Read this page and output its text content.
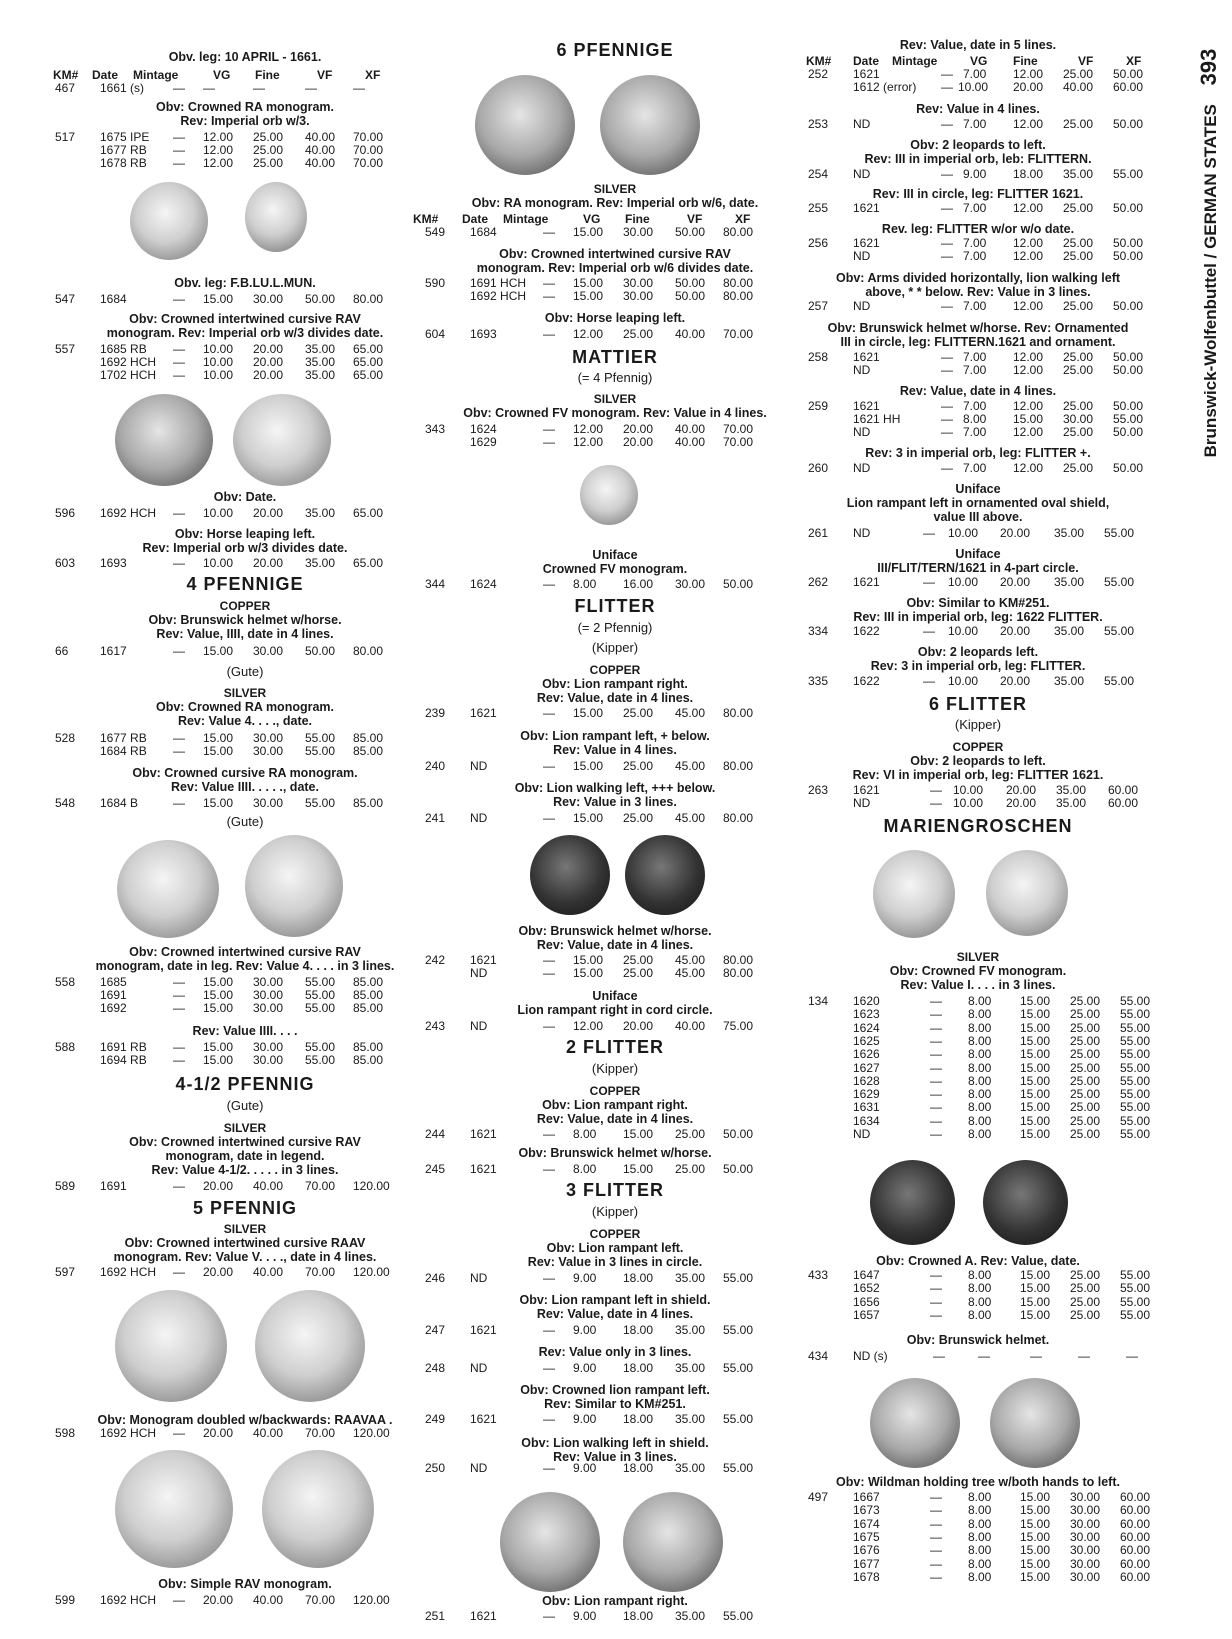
Brunswick-Wolfenbuttel / GERMAN STATES 393
Obv. leg: 10 APRIL - 1661.
KM# Date Mintage	VG Fine	VF	XF
467 1661 (s) — —	—	—	—
Obv: Crowned RA monogram.
Rev: Imperial orb w/3.
517 1675 IPE — 12.00 25.00 40.00 70.00
1677 RB — 12.00 25.00 40.00 70.00
1678 RB — 12.00 25.00 40.00 70.00
Obv. leg: F.B.LU.L.MUN.
547 1684	— 15.00 30.00 50.00 80.00
Obv: Crowned intertwined cursive RAV
monogram. Rev: Imperial orb w/3 divides date.
557 1685 RB — 10.00 20.00 35.00 65.00
1692 HCH — 10.00 20.00 35.00 65.00
1702 HCH — 10.00 20.00 35.00 65.00
Obv: Date.
596 1692 HCH — 10.00 20.00 35.00 65.00
Obv: Horse leaping left.
Rev: Imperial orb w/3 divides date.
603 1693	— 10.00 20.00 35.00 65.00
4 PFENNIGE
COPPER
Obv: Brunswick helmet w/horse.
Rev: Value, IIII, date in 4 lines.
66	1617	— 15.00 30.00 50.00 80.00
(Gute)
SILVER
Obv: Crowned RA monogram.
Rev: Value 4. . . ., date.
528 1677 RB — 15.00 30.00 55.00 85.00
1684 RB — 15.00 30.00 55.00 85.00
Obv: Crowned cursive RA monogram.
Rev: Value IIII. . . . ., date.
548 1684 B	— 15.00 30.00 55.00 85.00
(Gute)
Obv: Crowned intertwined cursive RAV
monogram, date in leg. Rev: Value 4. . . . in 3 lines.
558 1685	— 15.00 30.00 55.00 85.00
1691	— 15.00 30.00 55.00 85.00
1692	— 15.00 30.00 55.00 85.00
Rev: Value IIII. . . .
588 1691 RB — 15.00 30.00 55.00 85.00
1694 RB — 15.00 30.00 55.00 85.00
4-1/2 PFENNIG
(Gute)
SILVER
Obv: Crowned intertwined cursive RAV
monogram, date in legend.
Rev: Value 4-1/2. . . . . in 3 lines.
589 1691	— 20.00 40.00 70.00 120.00
5 PFENNIG
SILVER
Obv: Crowned intertwined cursive RAAV
monogram. Rev: Value V. . . ., date in 4 lines.
597 1692 HCH — 20.00 40.00 70.00 120.00
Obv: Monogram doubled w/backwards: RAAVAA .
598 1692 HCH — 20.00 40.00 70.00 120.00
Obv: Simple RAV monogram.
599 1692 HCH — 20.00 40.00 70.00 120.00
6 PFENNIGE
SILVER
Obv: RA monogram. Rev: Imperial orb w/6, date.
KM# Date Mintage	VG Fine	VF	XF
549 1684	— 15.00 30.00 50.00 80.00
Obv: Crowned intertwined cursive RAV
monogram. Rev: Imperial orb w/6 divides date.
590 1691 HCH — 15.00 30.00 50.00 80.00
1692 HCH — 15.00 30.00 50.00 80.00
Obv: Horse leaping left.
604 1693	— 12.00 25.00 40.00 70.00
MATTIER
(= 4 Pfennig)
SILVER
Obv: Crowned FV monogram. Rev: Value in 4 lines.
343 1624	— 12.00 20.00 40.00 70.00
1629	— 12.00 20.00 40.00 70.00
Uniface
Crowned FV monogram.
344 1624	— 8.00 16.00 30.00 50.00
FLITTER
(= 2 Pfennig)
(Kipper)
COPPER
Obv: Lion rampant right.
Rev: Value, date in 4 lines.
239 1621	— 15.00 25.00 45.00 80.00
Obv: Lion rampant left, + below.
Rev: Value in 4 lines.
240 ND	— 15.00 25.00 45.00 80.00
Obv: Lion walking left, +++ below.
Rev: Value in 3 lines.
241 ND	— 15.00 25.00 45.00 80.00
Obv: Brunswick helmet w/horse.
Rev: Value, date in 4 lines.
242 1621	— 15.00 25.00 45.00 80.00
ND	— 15.00 25.00 45.00 80.00
Uniface
Lion rampant right in cord circle.
243 ND	— 12.00 20.00 40.00 75.00
2 FLITTER
(Kipper)
COPPER
Obv: Lion rampant right.
Rev: Value, date in 4 lines.
244 1621	— 8.00 15.00 25.00 50.00
Obv: Brunswick helmet w/horse.
245 1621	— 8.00 15.00 25.00 50.00
3 FLITTER
(Kipper)
COPPER
Obv: Lion rampant left.
Rev: Value in 3 lines in circle.
246 ND	— 9.00 18.00 35.00 55.00
Obv: Lion rampant left in shield.
Rev: Value, date in 4 lines.
247 1621	— 9.00 18.00 35.00 55.00
Rev: Value only in 3 lines.
248 ND	— 9.00 18.00 35.00 55.00
Obv: Crowned lion rampant left.
Rev: Similar to KM#251.
249 1621	— 9.00 18.00 35.00 55.00
Obv: Lion walking left in shield.
Rev: Value in 3 lines.
250 ND	— 9.00 18.00 35.00 55.00
Obv: Lion rampant right.
251 1621	— 9.00 18.00 35.00 55.00
Rev: Value, date in 5 lines.
KM# Date Mintage	VG Fine	VF	XF
252 1621	— 7.00 12.00 25.00 50.00
1612 (error) — 10.00 20.00 40.00 60.00
Rev: Value in 4 lines.
253 ND	— 7.00 12.00 25.00 50.00
Obv: 2 leopards to left.
Rev: III in imperial orb, leb: FLITTERN.
254 ND	— 9.00 18.00 35.00 55.00
Rev: III in circle, leg: FLITTER 1621.
255 1621	— 7.00 12.00 25.00 50.00
Rev. leg: FLITTER w/or w/o date.
256 1621	— 7.00 12.00 25.00 50.00
ND	— 7.00 12.00 25.00 50.00
Obv: Arms divided horizontally, lion walking left
above, * * below. Rev: Value in 3 lines.
257 ND	— 7.00 12.00 25.00 50.00
Obv: Brunswick helmet w/horse. Rev: Ornamented
III in circle, leg: FLITTERN.1621 and ornament.
258 1621	— 7.00 12.00 25.00 50.00
ND	— 7.00 12.00 25.00 50.00
Rev: Value, date in 4 lines.
259 1621	— 7.00 12.00 25.00 50.00
1621 HH	— 8.00 15.00 30.00 55.00
ND	— 7.00 12.00 25.00 50.00
Rev: 3 in imperial orb, leg: FLITTER +.
260 ND	— 7.00 12.00 25.00 50.00
Uniface
Lion rampant left in ornamented oval shield,
value III above.
261 ND	— 10.00 20.00 35.00 55.00
Uniface
III/FLIT/TERN/1621 in 4-part circle.
262 1621	— 10.00 20.00 35.00 55.00
Obv: Similar to KM#251.
Rev: III in imperial orb, leg: 1622 FLITTER.
334 1622	— 10.00 20.00 35.00 55.00
Obv: 2 leopards left.
Rev: 3 in imperial orb, leg: FLITTER.
335 1622	— 10.00 20.00 35.00 55.00
6 FLITTER
(Kipper)
COPPER
Obv: 2 leopards to left.
Rev: VI in imperial orb, leg: FLITTER 1621.
263 1621	— 10.00 20.00 35.00 60.00
ND	— 10.00 20.00 35.00 60.00
MARIENGROSCHEN
SILVER
Obv: Crowned FV monogram.
Rev: Value I. . . . in 3 lines.
134 1620	— 8.00 15.00 25.00 55.00
1623	— 8.00 15.00 25.00 55.00
1624	— 8.00 15.00 25.00 55.00
1625	— 8.00 15.00 25.00 55.00
1626	— 8.00 15.00 25.00 55.00
1627	— 8.00 15.00 25.00 55.00
1628	— 8.00 15.00 25.00 55.00
1629	— 8.00 15.00 25.00 55.00
1631	— 8.00 15.00 25.00 55.00
1634	— 8.00 15.00 25.00 55.00
ND	— 8.00 15.00 25.00 55.00
Obv: Crowned A. Rev: Value, date.
433 1647	— 8.00 15.00 25.00 55.00
1652	— 8.00 15.00 25.00 55.00
1656	— 8.00 15.00 25.00 55.00
1657	— 8.00 15.00 25.00 55.00
Obv: Brunswick helmet.
434 ND (s)	—	—	—	—	—
Obv: Wildman holding tree w/both hands to left.
497 1667	— 8.00 15.00 30.00 60.00
1673	— 8.00 15.00 30.00 60.00
1674	— 8.00 15.00 30.00 60.00
1675	— 8.00 15.00 30.00 60.00
1676	— 8.00 15.00 30.00 60.00
1677	— 8.00 15.00 30.00 60.00
1678	— 8.00 15.00 30.00 60.00
